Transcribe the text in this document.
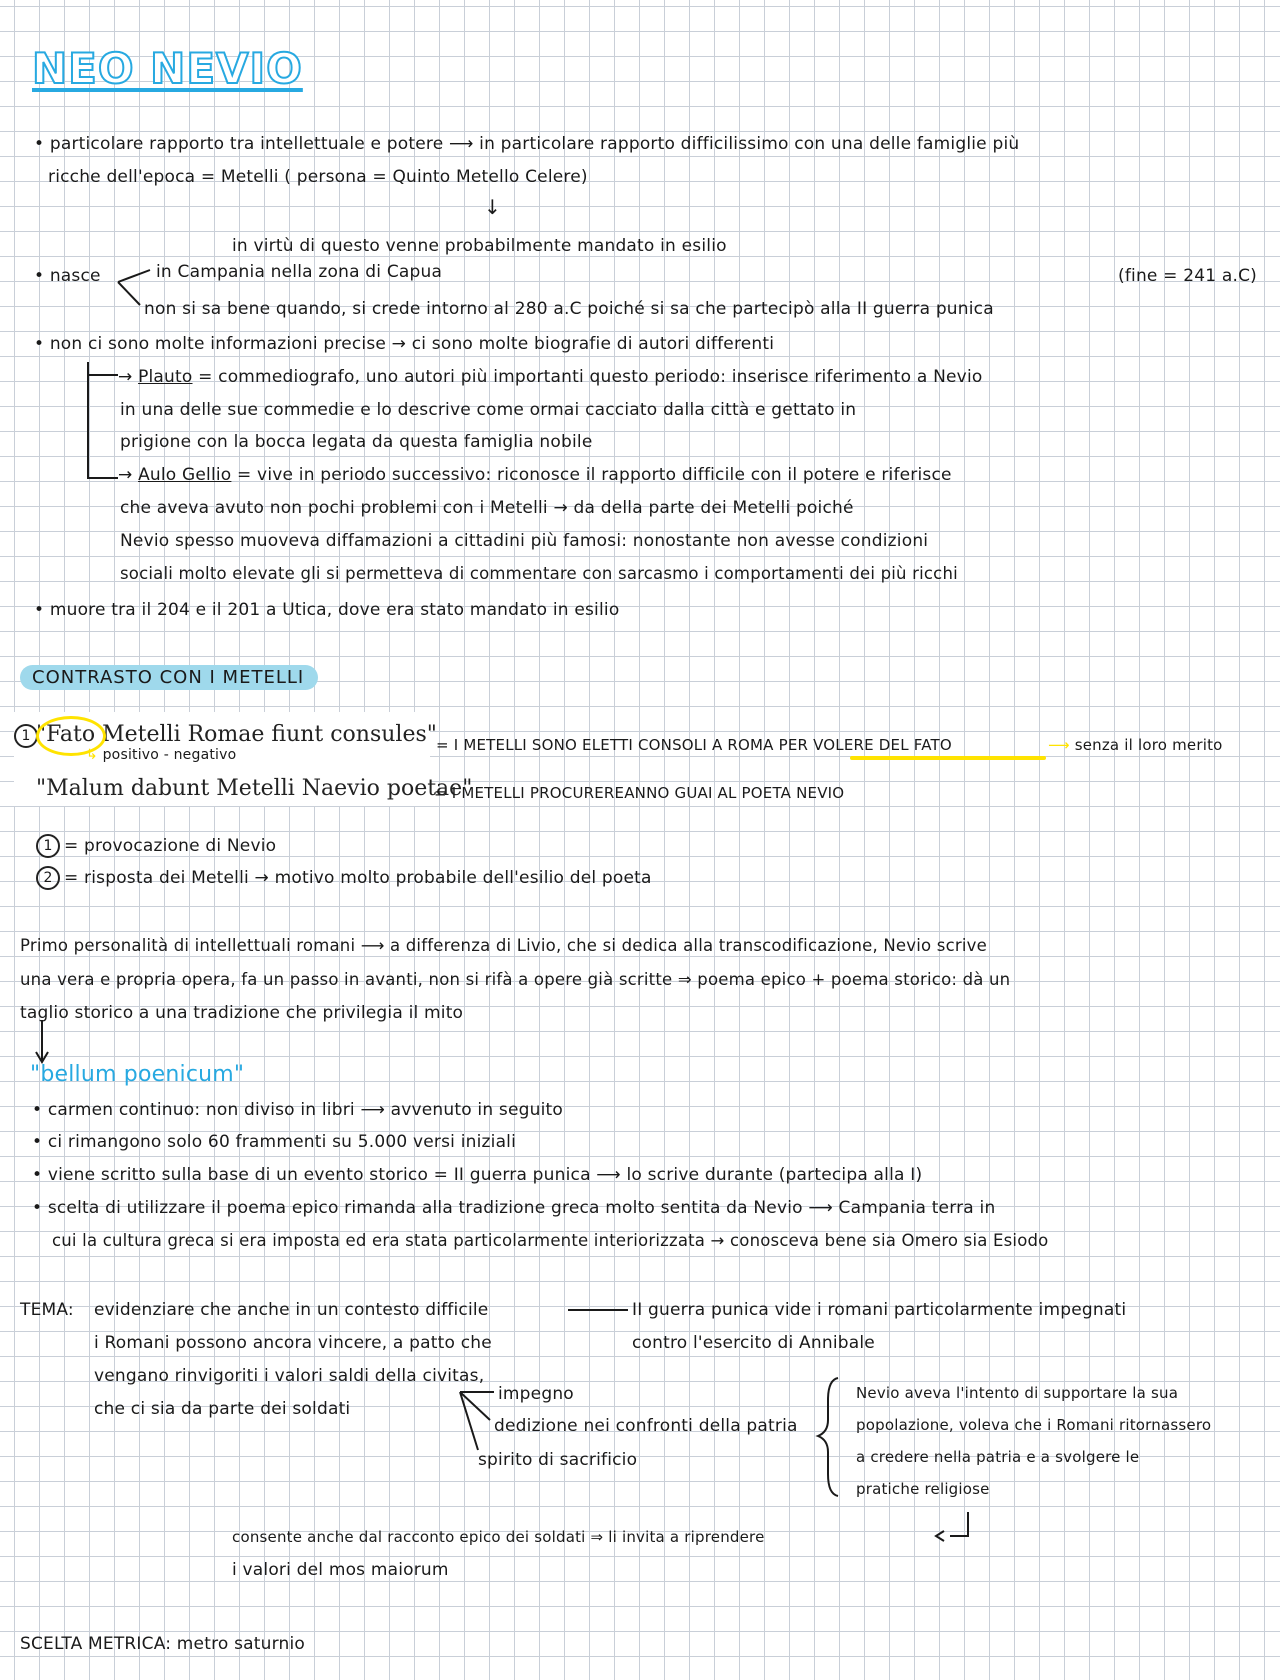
NEO NEVIO
• particolare rapporto tra intellettuale e potere ⟶ in particolare rapporto difficilissimo con una delle famiglie più
ricche dell'epoca = Metelli ( persona = Quinto Metello Celere)
↓
in virtù di questo venne probabilmente mandato in esilio
• nasce	in Campania nella zona di Capua	(fine = 241 a.C)
non si sa bene quando, si crede intorno al 280 a.C poiché si sa che partecipò alla II guerra punica
• non ci sono molte informazioni precise → ci sono molte biografie di autori differenti
→ Plauto = commediografo, uno autori più importanti questo periodo: inserisce riferimento a Nevio
in una delle sue commedie e lo descrive come ormai cacciato dalla città e gettato in
prigione con la bocca legata da questa famiglia nobile
→ Aulo Gellio = vive in periodo successivo: riconosce il rapporto difficile con il potere e riferisce
che aveva avuto non pochi problemi con i Metelli → da della parte dei Metelli poiché
Nevio spesso muoveva diffamazioni a cittadini più famosi: nonostante non avesse condizioni
sociali molto elevate gli si permetteva di commentare con sarcasmo i comportamenti dei più ricchi
• muore tra il 204 e il 201 a Utica, dove era stato mandato in esilio
CONTRASTO CON I METELLI
1 "Fato Metelli Romae fiunt consules"
↳ positivo - negativo
= I METELLI SONO ELETTI CONSOLI A ROMA PER VOLERE DEL FATO	⟶ senza il loro merito
"Malum dabunt Metelli Naevio poetae"
= I METELLI PROCUREREANNO GUAI AL POETA NEVIO
1 = provocazione di Nevio
2 = risposta dei Metelli → motivo molto probabile dell'esilio del poeta
Primo personalità di intellettuali romani ⟶ a differenza di Livio, che si dedica alla transcodificazione, Nevio scrive
una vera e propria opera, fa un passo in avanti, non si rifà a opere già scritte ⇒ poema epico + poema storico: dà un
taglio storico a una tradizione che privilegia il mito
"bellum poenicum"
• carmen continuo: non diviso in libri ⟶ avvenuto in seguito
• ci rimangono solo 60 frammenti su 5.000 versi iniziali
• viene scritto sulla base di un evento storico = II guerra punica ⟶ lo scrive durante (partecipa alla I)
• scelta di utilizzare il poema epico rimanda alla tradizione greca molto sentita da Nevio ⟶ Campania terra in
cui la cultura greca si era imposta ed era stata particolarmente interiorizzata → conosceva bene sia Omero sia Esiodo
TEMA: evidenziare che anche in un contesto difficile
i Romani possono ancora vincere, a patto che
vengano rinvigoriti i valori saldi della civitas,
che ci sia da parte dei soldati
II guerra punica vide i romani particolarmente impegnati
contro l'esercito di Annibale
impegno
dedizione nei confronti della patria
spirito di sacrificio
Nevio aveva l'intento di supportare la sua
popolazione, voleva che i Romani ritornassero
a credere nella patria e a svolgere le
pratiche religiose
consente anche dal racconto epico dei soldati ⇒ li invita a riprendere
i valori del mos maiorum
SCELTA METRICA: metro saturnio
